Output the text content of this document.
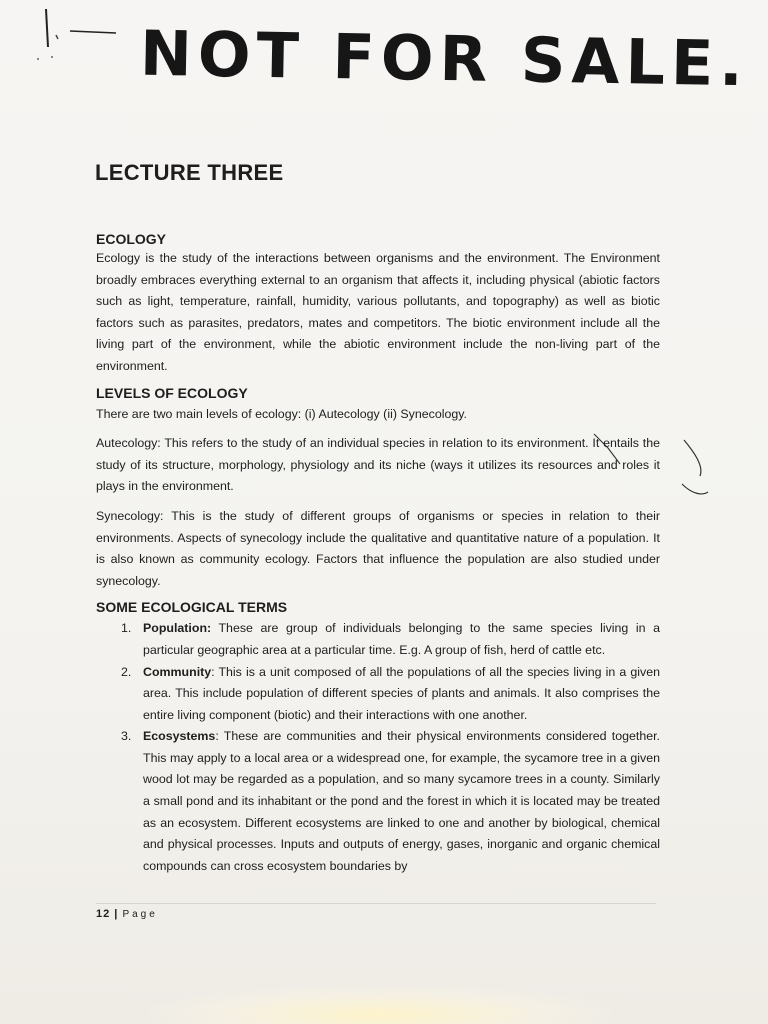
NOT FOR SALE.
LECTURE THREE
ECOLOGY

Ecology is the study of the interactions between organisms and the environment. The Environment broadly embraces everything external to an organism that affects it, including physical (abiotic factors such as light, temperature, rainfall, humidity, various pollutants, and topography) as well as biotic factors such as parasites, predators, mates and competitors. The biotic environment include all the living part of the environment, while the abiotic environment include the non-living part of the environment.

LEVELS OF ECOLOGY

There are two main levels of ecology: (i) Autecology (ii) Synecology.

Autecology: This refers to the study of an individual species in relation to its environment. It entails the study of its structure, morphology, physiology and its niche (ways it utilizes its resources and roles it plays in the environment.

Synecology: This is the study of different groups of organisms or species in relation to their environments. Aspects of synecology include the qualitative and quantitative nature of a population. It is also known as community ecology. Factors that influence the population are also studied under synecology.

SOME ECOLOGICAL TERMS
1. Population: These are group of individuals belonging to the same species living in a particular geographic area at a particular time. E.g. A group of fish, herd of cattle etc.
2. Community: This is a unit composed of all the populations of all the species living in a given area. This include population of different species of plants and animals. It also comprises the entire living component (biotic) and their interactions with one another.
3. Ecosystems: These are communities and their physical environments considered together. This may apply to a local area or a widespread one, for example, the sycamore tree in a given wood lot may be regarded as a population, and so many sycamore trees in a county. Similarly a small pond and its inhabitant or the pond and the forest in which it is located may be treated as an ecosystem. Different ecosystems are linked to one and another by biological, chemical and physical processes. Inputs and outputs of energy, gases, inorganic and organic chemical compounds can cross ecosystem boundaries by
12 | Page
